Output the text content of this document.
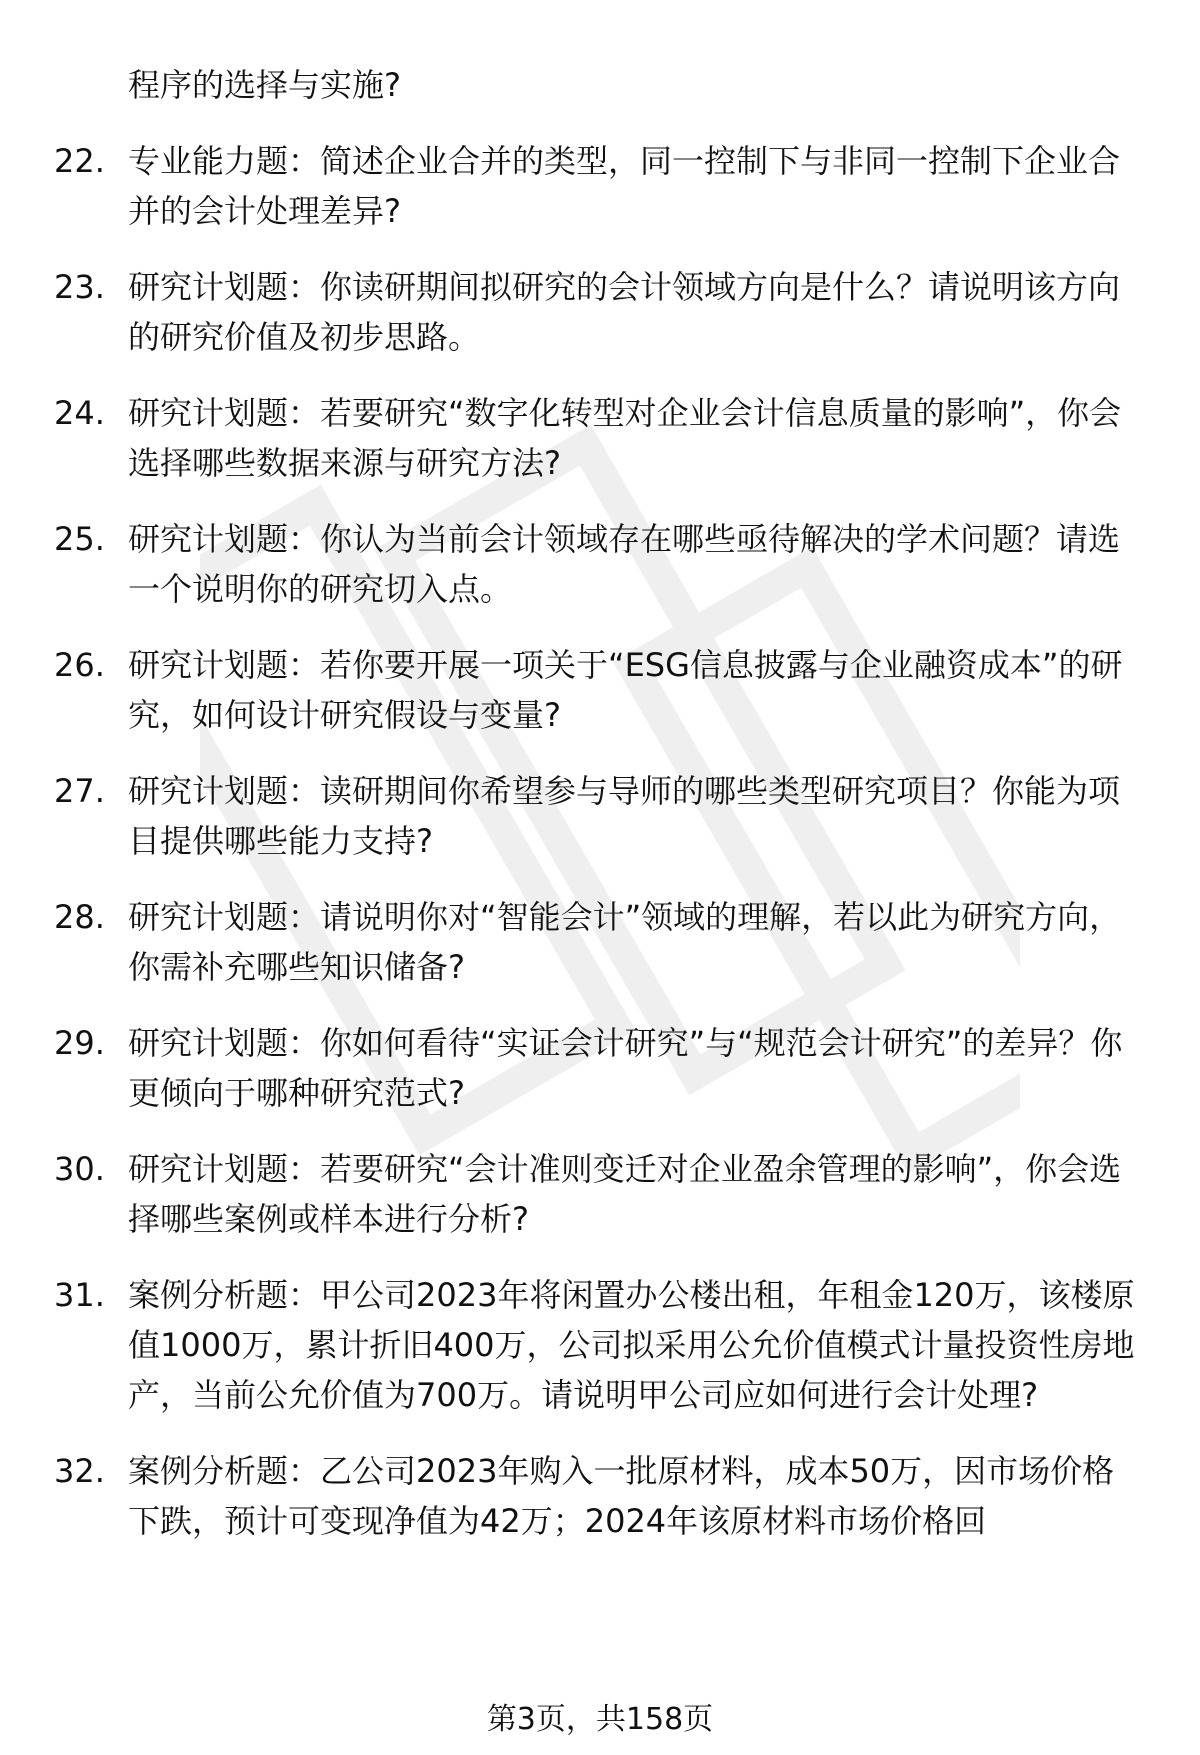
程序的选择与实施?
22. 专业能力题：简述企业合并的类型，同一控制下与非同一控制下企业合并的会计处理差异?
23. 研究计划题：你读研期间拟研究的会计领域方向是什么？请说明该方向的研究价值及初步思路。
24. 研究计划题：若要研究“数字化转型对企业会计信息质量的影响”，你会选择哪些数据来源与研究方法?
25. 研究计划题：你认为当前会计领域存在哪些亟待解决的学术问题？请选一个说明你的研究切入点。
26. 研究计划题：若你要开展一项关于“ESG信息披露与企业融资成本”的研究，如何设计研究假设与变量?
27. 研究计划题：读研期间你希望参与导师的哪些类型研究项目？你能为项目提供哪些能力支持?
28. 研究计划题：请说明你对“智能会计”领域的理解，若以此为研究方向，你需补充哪些知识储备?
29. 研究计划题：你如何看待“实证会计研究”与“规范会计研究”的差异？你更倾向于哪种研究范式?
30. 研究计划题：若要研究“会计准则变迁对企业盈余管理的影响”，你会选择哪些案例或样本进行分析?
31. 案例分析题：甲公司2023年将闲置办公楼出租，年租金120万，该楼原值1000万，累计折旧400万，公司拟采用公允价值模式计量投资性房地产，当前公允价值为700万。请说明甲公司应如何进行会计处理?
32. 案例分析题：乙公司2023年购入一批原材料，成本50万，因市场价格下跌，预计可变现净值为42万；2024年该原材料市场价格回
第3页，共158页
